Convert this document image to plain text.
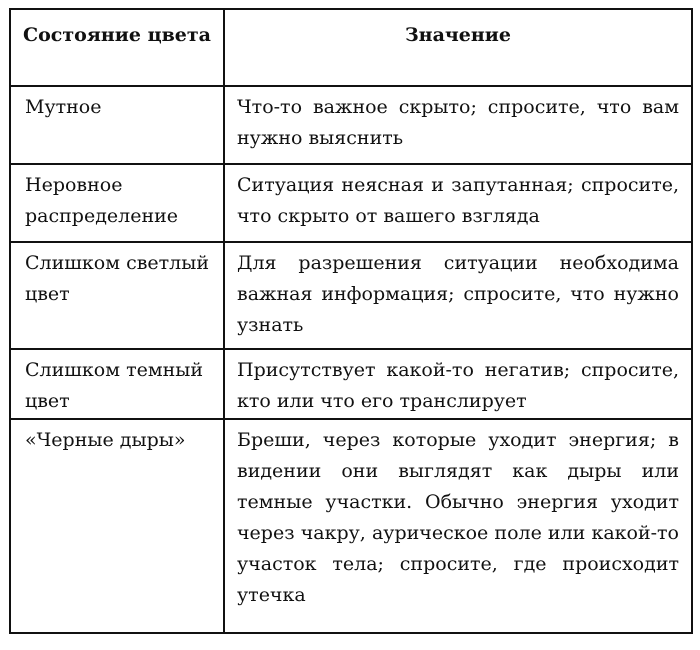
Состояние цвета	Значение

Мутное	Что-то важное скрыто; спросите, что вам нужно выяснить

Неровное распределение	Ситуация неясная и запутанная; спросите, что скрыто от вашего взгляда

Слишком светлый цвет	Для разрешения ситуации необходима важная информация; спросите, что нужно узнать

Слишком темный цвет	Присутствует какой-то негатив; спросите, кто или что его транслирует

«Черные дыры»	Бреши, через которые уходит энергия; в видении они выглядят как дыры или темные участки. Обычно энергия уходит через чакру, аурическое поле или какой-то участок тела; спросите, где происходит утечка
